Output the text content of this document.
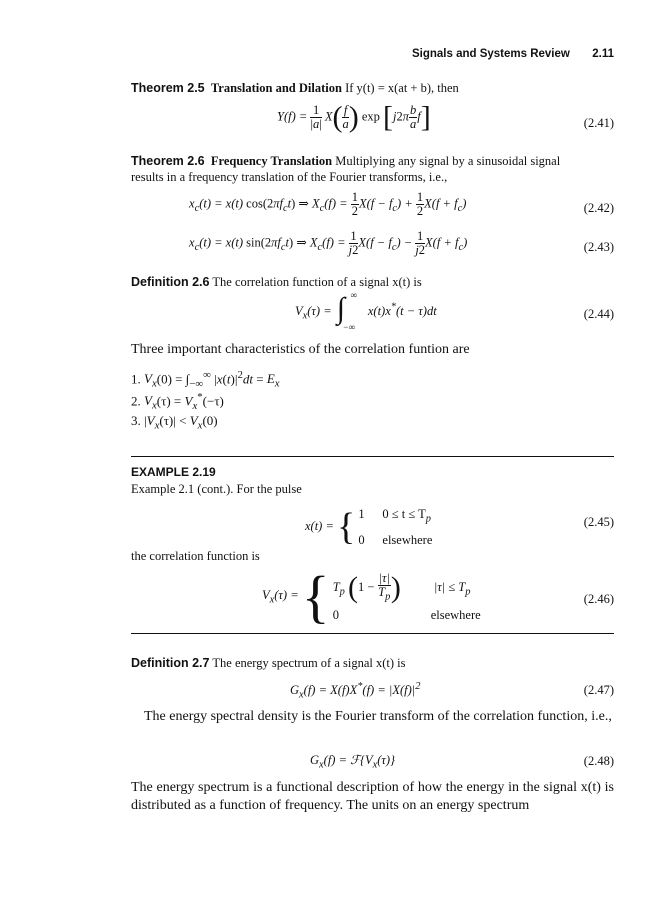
Signals and Systems Review 2.11
Theorem 2.5 Translation and Dilation If y(t) = x(at + b), then
$Y(f) = \frac{1}{|a|} X( \frac{f}{a}$ ) $\exp [j2\pi \frac{b}{a} f]$	(2.41)
Theorem 2.6 Frequency Translation Multiplying any signal by a sinusoidal signal
results in a frequency translation of the Fourier transforms, i.e.,
$x_c(t) = x(t)$ $\cos(2\pi f_ct)$ ⇒ $X_c(f) = \frac{1}{2} X(f - f_c) + \frac{1}{2} X(f + f_c)$	(2.42)
$x_c(t) = x(t)$ $\sin(2\pi f_ct)$ ⇒ $X_c(f) = \frac{1}{j2} X(f - f_c) - \frac{1}{j2} X(f + f_c)$	(2.43)
Definition 2.6 The correlation function of a signal x(t) is
$V_x(\tau)$ = ∫ ∞
−∞
x(t)x*(t − τ)dt	(2.44)
Three important characteristics of the correlation funtion are
1. $V_x(0) = \int_{-\infty}^\infty$ $|x(t)|^2dt = E_x$
2. $V_x(\tau) = V_x^*(-\tau)$
3. $|V_x(\tau)| < V_x(0)$
EXAMPLE 2.19
Example 2.1 (cont.). For the pulse
x(t) = { 1 $0 \le t \le T_p$
0 elsewhere
(2.45)
the correlation function is
$V_x(\tau)$ = { $T_p$ ($1 - \frac{|\tau|}{T_p}$ )	$|\tau| \le T_p$
0	elsewhere
(2.46)
Definition 2.7 The energy spectrum of a signal x(t) is
$G_x(f) = X(f)X^*(f) = |X(f)|^2$	(2.47)
The energy spectral density is the Fourier transform of the correlation function, i.e.,
$G_x(f)$ = $ℱ\{V_x(\tau)\}$	(2.48)
The energy spectrum is a functional description of how the energy in the signal x(t) is distributed as a function of frequency. The units on an energy spectrum
